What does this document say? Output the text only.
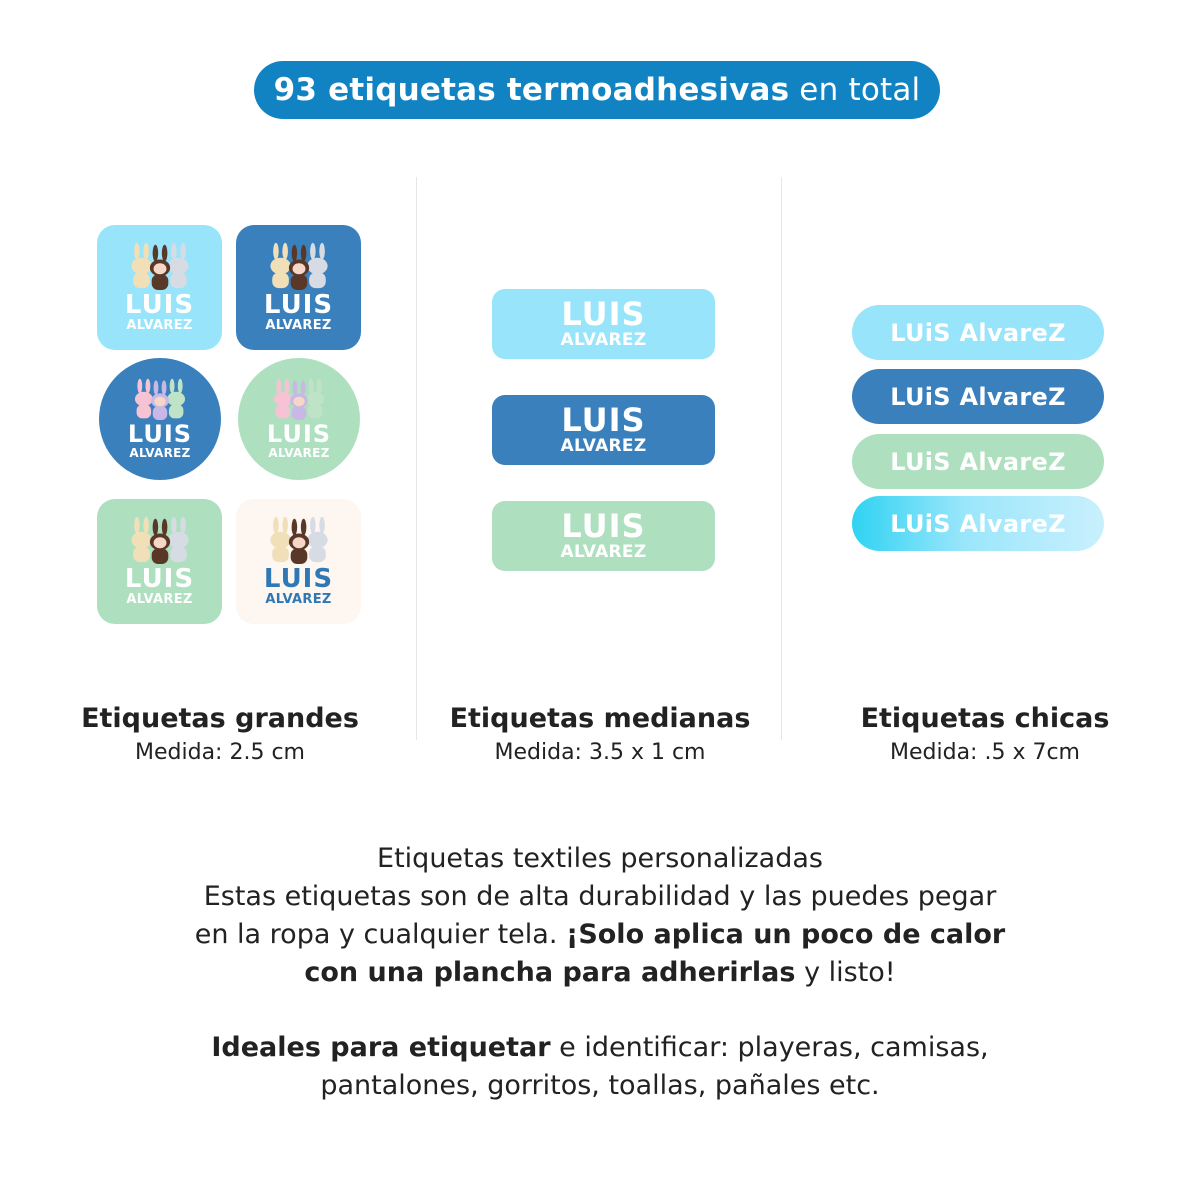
93 etiquetas termoadhesivas en total
LUIS
ALVAREZ
LUIS
ALVAREZ
LUIS
ALVAREZ
LUIS
ALVAREZ
LUIS
ALVAREZ
LUIS
ALVAREZ
LUIS
ALVAREZ
LUIS
ALVAREZ
LUIS
ALVAREZ
LUiS AlvareZ
LUiS AlvareZ
LUiS AlvareZ
LUiS AlvareZ
Etiquetas grandes
Medida: 2.5 cm
Etiquetas medianas
Medida: 3.5 x 1 cm
Etiquetas chicas
Medida: .5 x 7cm
Etiquetas textiles personalizadas
Estas etiquetas son de alta durabilidad y las puedes pegar
en la ropa y cualquier tela. ¡Solo aplica un poco de calor
con una plancha para adherirlas y listo!
Ideales para etiquetar e identificar: playeras, camisas,
pantalones, gorritos, toallas, pañales etc.
